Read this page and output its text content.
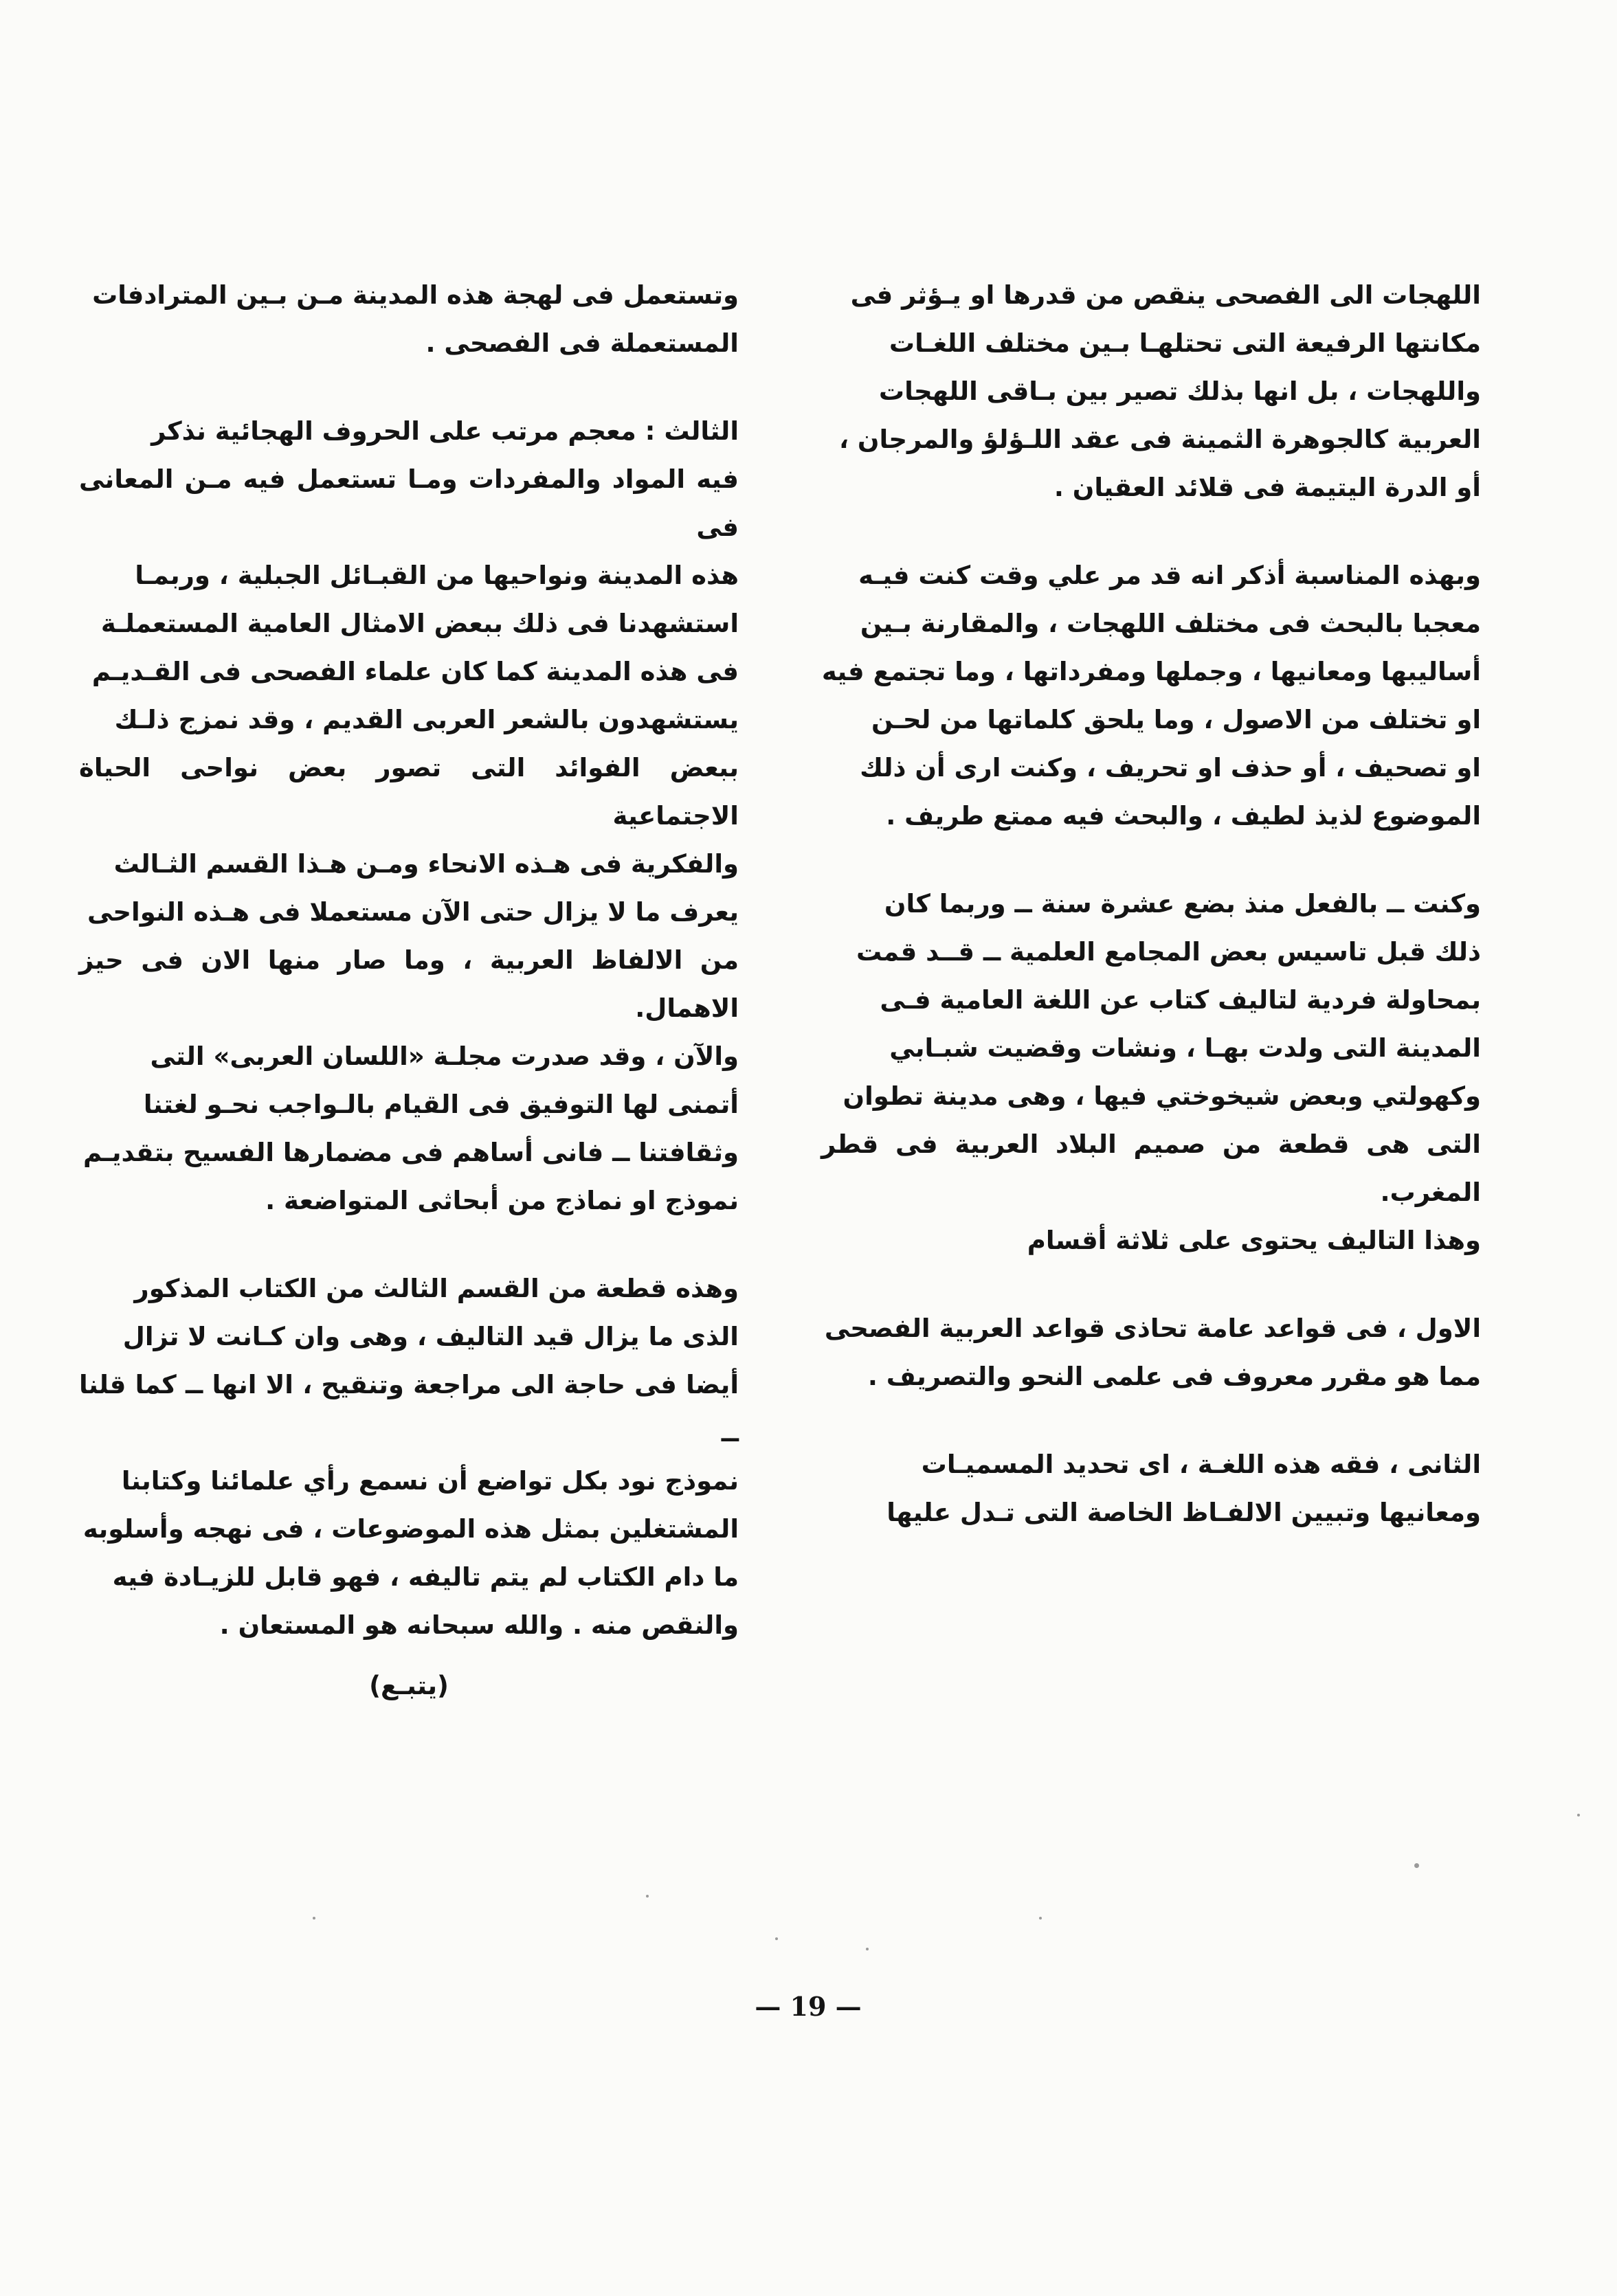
اللهجات الى الفصحى ينقص من قدرها او يـؤثر فى

مكانتها الرفيعة التى تحتلهـا بـين مختلف اللغـات

واللهجات ، بل انها بذلك تصير بين بـاقى اللهجات

العربية كالجوهرة الثمينة فى عقد اللـؤلؤ والمرجان ،

أو الدرة اليتيمة فى قلائد العقيان .

وبهذه المناسبة أذكر انه قد مر علي وقت كنت فيـه

معجبا بالبحث فى مختلف اللهجات ، والمقارنة بـين

أساليبها ومعانيها ، وجملها ومفرداتها ، وما تجتمع فيه

او تختلف من الاصول ، وما يلحق كلماتها من لحـن

او تصحيف ، أو حذف او تحريف ، وكنت ارى أن ذلك

الموضوع لذيذ لطيف ، والبحث فيه ممتع طريف .

وكنت ــ بالفعل منذ بضع عشرة سنة ــ وربما كان

ذلك قبل تاسيس بعض المجامع العلمية ــ قــد قمت

بمحاولة فردية لتاليف كتاب عن اللغة العامية فـى

المدينة التى ولدت بهـا ، ونشات وقضيت شبـابي

وكهولتي وبعض شيخوختي فيها ، وهى مدينة تطوان

التى هى قطعة من صميم البلاد العربية فى قطر المغرب.

وهذا التاليف يحتوى على ثلاثة أقسام

الاول ، فى قواعد عامة تحاذى قواعد العربية الفصحى

مما هو مقرر معروف فى علمى النحو والتصريف .

الثانى ، فقه هذه اللغـة ، اى تحديد المسميـات

ومعانيها وتبيين الالفـاظ الخاصة التى تـدل عليها

وتستعمل فى لهجة هذه المدينة مـن بـين المترادفات

المستعملة فى الفصحى .

الثالث : معجم مرتب على الحروف الهجائية نذكر

فيه المواد والمفردات ومـا تستعمل فيه مـن المعانى فى

هذه المدينة ونواحيها من القبـائل الجبلية ، وربمـا

استشهدنا فى ذلك ببعض الامثال العامية المستعملـة

فى هذه المدينة كما كان علماء الفصحى فى القـديـم

يستشهدون بالشعر العربى القديم ، وقد نمزج ذلـك

ببعض الفوائد التى تصور بعض نواحى الحياة الاجتماعية

والفكرية فى هـذه الانحاء ومـن هـذا القسم الثـالث

يعرف ما لا يزال حتى الآن مستعملا فى هـذه النواحى

من الالفاظ العربية ، وما صار منها الان فى حيز الاهمال.

والآن ، وقد صدرت مجلـة «اللسان العربى» التى

أتمنى لها التوفيق فى القيام بالـواجب نحـو لغتنا

وثقافتنا ــ فانى أساهم فى مضمارها الفسيح بتقديـم

نموذج او نماذج من أبحاثى المتواضعة .

وهذه قطعة من القسم الثالث من الكتاب المذكور

الذى ما يزال قيد التاليف ، وهى وان كـانت لا تزال

أيضا فى حاجة الى مراجعة وتنقيح ، الا انها ــ كما قلنا ــ

نموذج نود بكل تواضع أن نسمع رأي علمائنا وكتابنا

المشتغلين بمثل هذه الموضوعات ، فى نهجه وأسلوبه

ما دام الكتاب لم يتم تاليفه ، فهو قابل للزيـادة فيه

والنقص منه . والله سبحانه هو المستعان .

(يتبـع)
— 19 —
